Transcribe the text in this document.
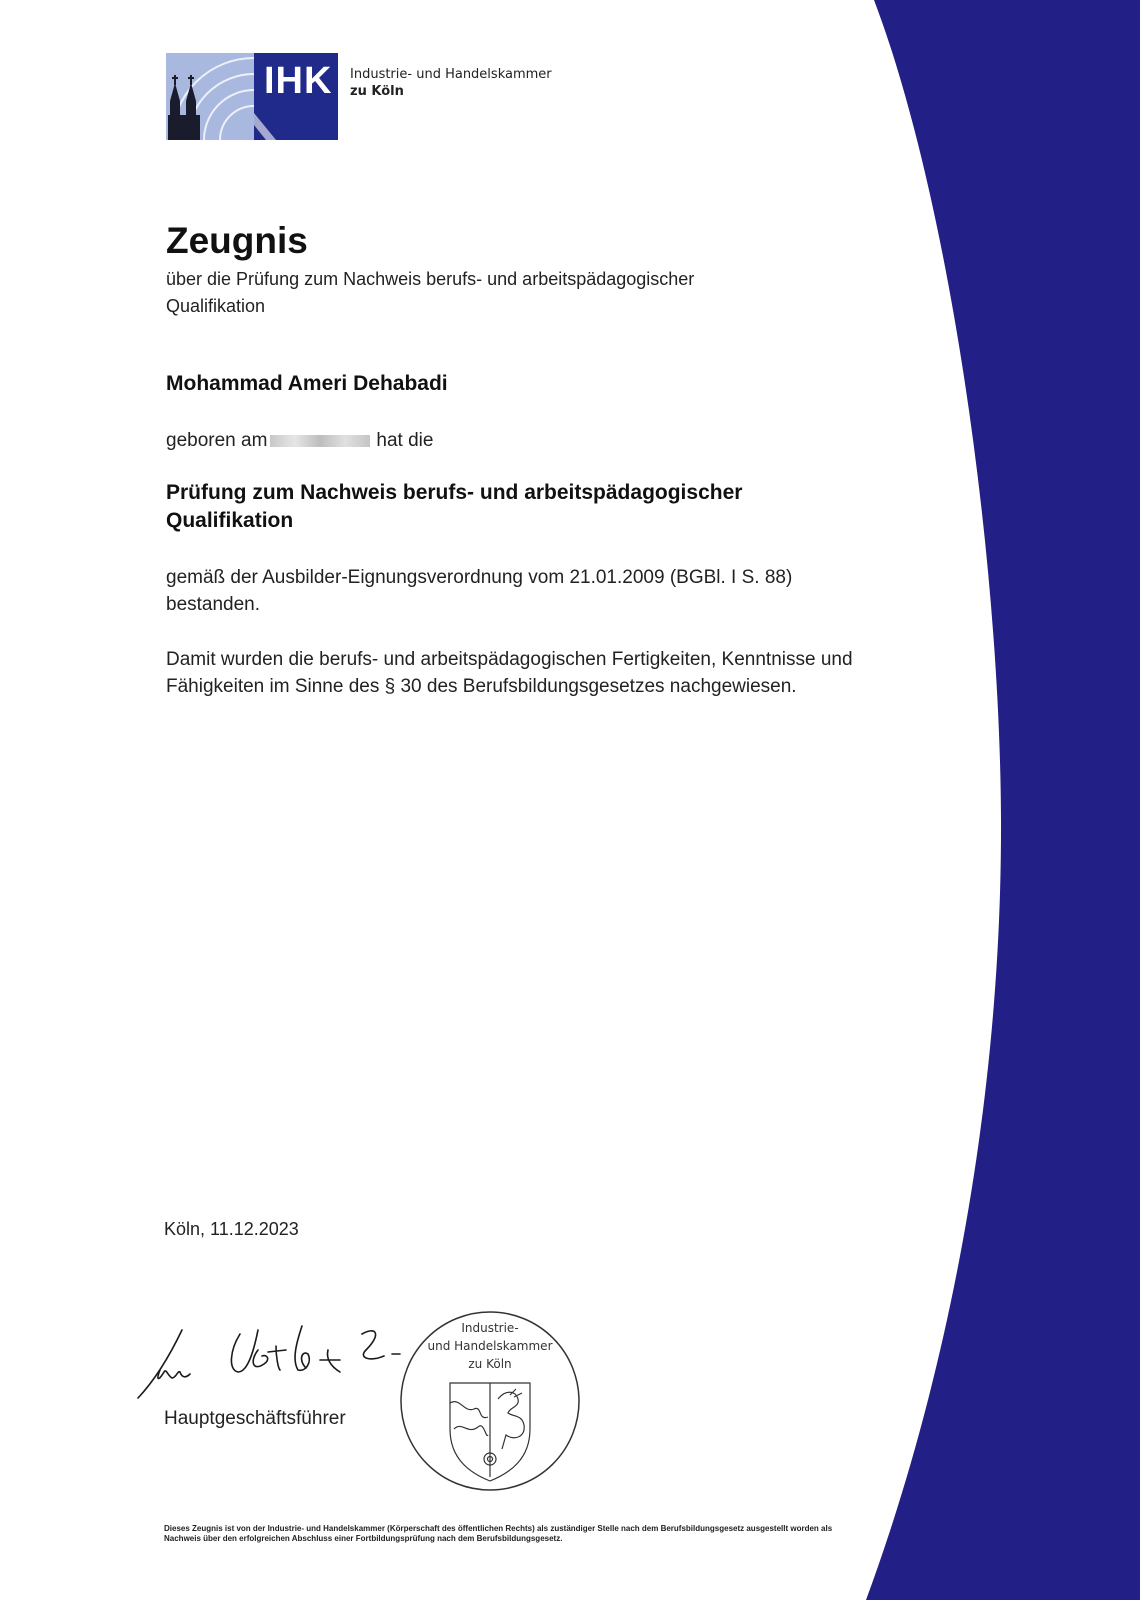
IHK Industrie- und Handelskammer
zu Köln
Zeugnis
über die Prüfung zum Nachweis berufs- und arbeitspädagogischer Qualifikation
Mohammad Ameri Dehabadi
geboren am	hat die
Prüfung zum Nachweis berufs- und arbeitspädagogischer Qualifikation
gemäß der Ausbilder-Eignungsverordnung vom 21.01.2009 (BGBl. I S. 88) bestanden.
Damit wurden die berufs- und arbeitspädagogischen Fertigkeiten, Kenntnisse und Fähigkeiten im Sinne des § 30 des Berufsbildungsgesetzes nachgewiesen.
Köln, 11.12.2023
Hauptgeschäftsführer
Industrie-
und Handelskammer
zu Köln
Dieses Zeugnis ist von der Industrie- und Handelskammer (Körperschaft des öffentlichen Rechts) als zuständiger Stelle nach dem Berufsbildungsgesetz ausgestellt worden als Nachweis über den erfolgreichen Abschluss einer Fortbildungsprüfung nach dem Berufsbildungsgesetz.
